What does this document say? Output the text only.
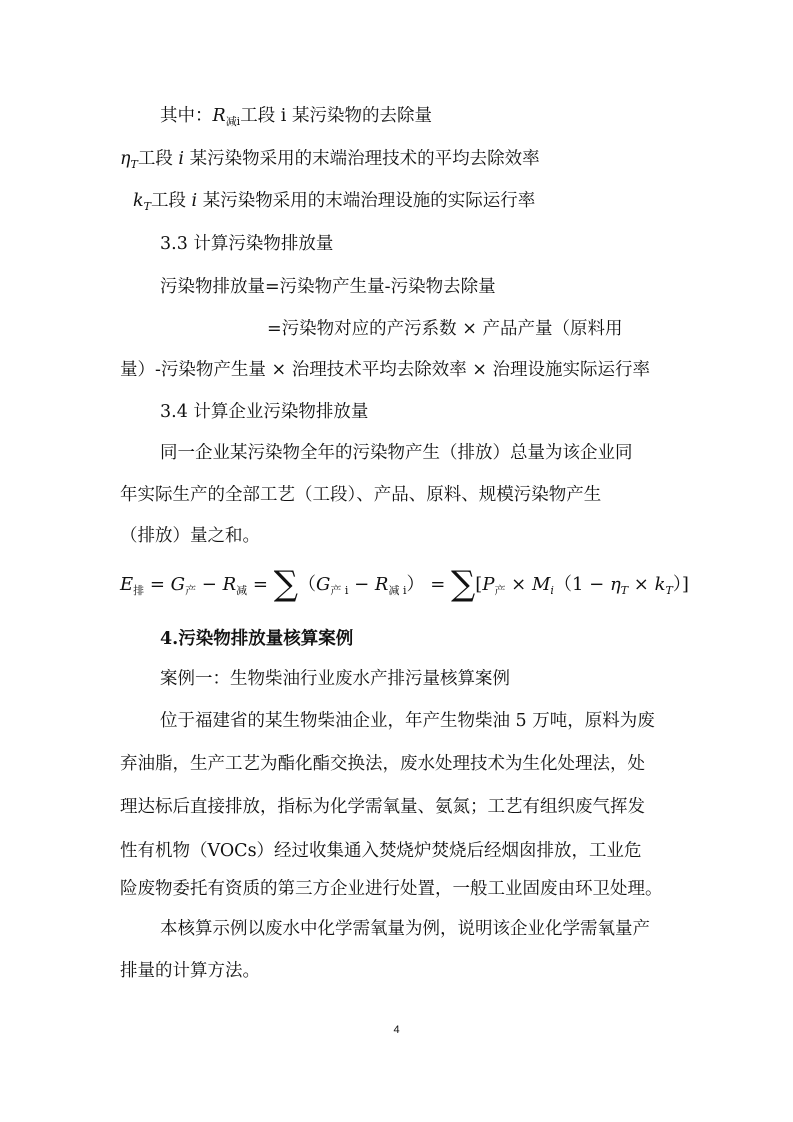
其中：$R_{减i}$工段 i 某污染物的去除量
$\eta_T$工段 i 某污染物采用的末端治理技术的平均去除效率
$k_T$工段 i 某污染物采用的末端治理设施的实际运行率
3.3 计算污染物排放量
污染物排放量=污染物产生量-污染物去除量
=污染物对应的产污系数 × 产品产量（原料用
量）-污染物产生量 × 治理技术平均去除效率 × 治理设施实际运行率
3.4 计算企业污染物排放量
同一企业某污染物全年的污染物产生（排放）总量为该企业同
年实际生产的全部工艺（工段）、产品、原料、规模污染物产生
（排放）量之和。
$E_排 = G_产 - R_减 = \sum(G_{产 i} - R_{减 i}) = \sum[P_产 \times M_i(1 - \eta_T \times k_T)]$
4.污染物排放量核算案例
案例一：生物柴油行业废水产排污量核算案例
位于福建省的某生物柴油企业，年产生物柴油 5 万吨，原料为废
弃油脂，生产工艺为酯化酯交换法，废水处理技术为生化处理法，处
理达标后直接排放，指标为化学需氧量、氨氮；工艺有组织废气挥发
性有机物（VOCs）经过收集通入焚烧炉焚烧后经烟囱排放，工业危
险废物委托有资质的第三方企业进行处置，一般工业固废由环卫处理。
本核算示例以废水中化学需氧量为例，说明该企业化学需氧量产
排量的计算方法。
4
